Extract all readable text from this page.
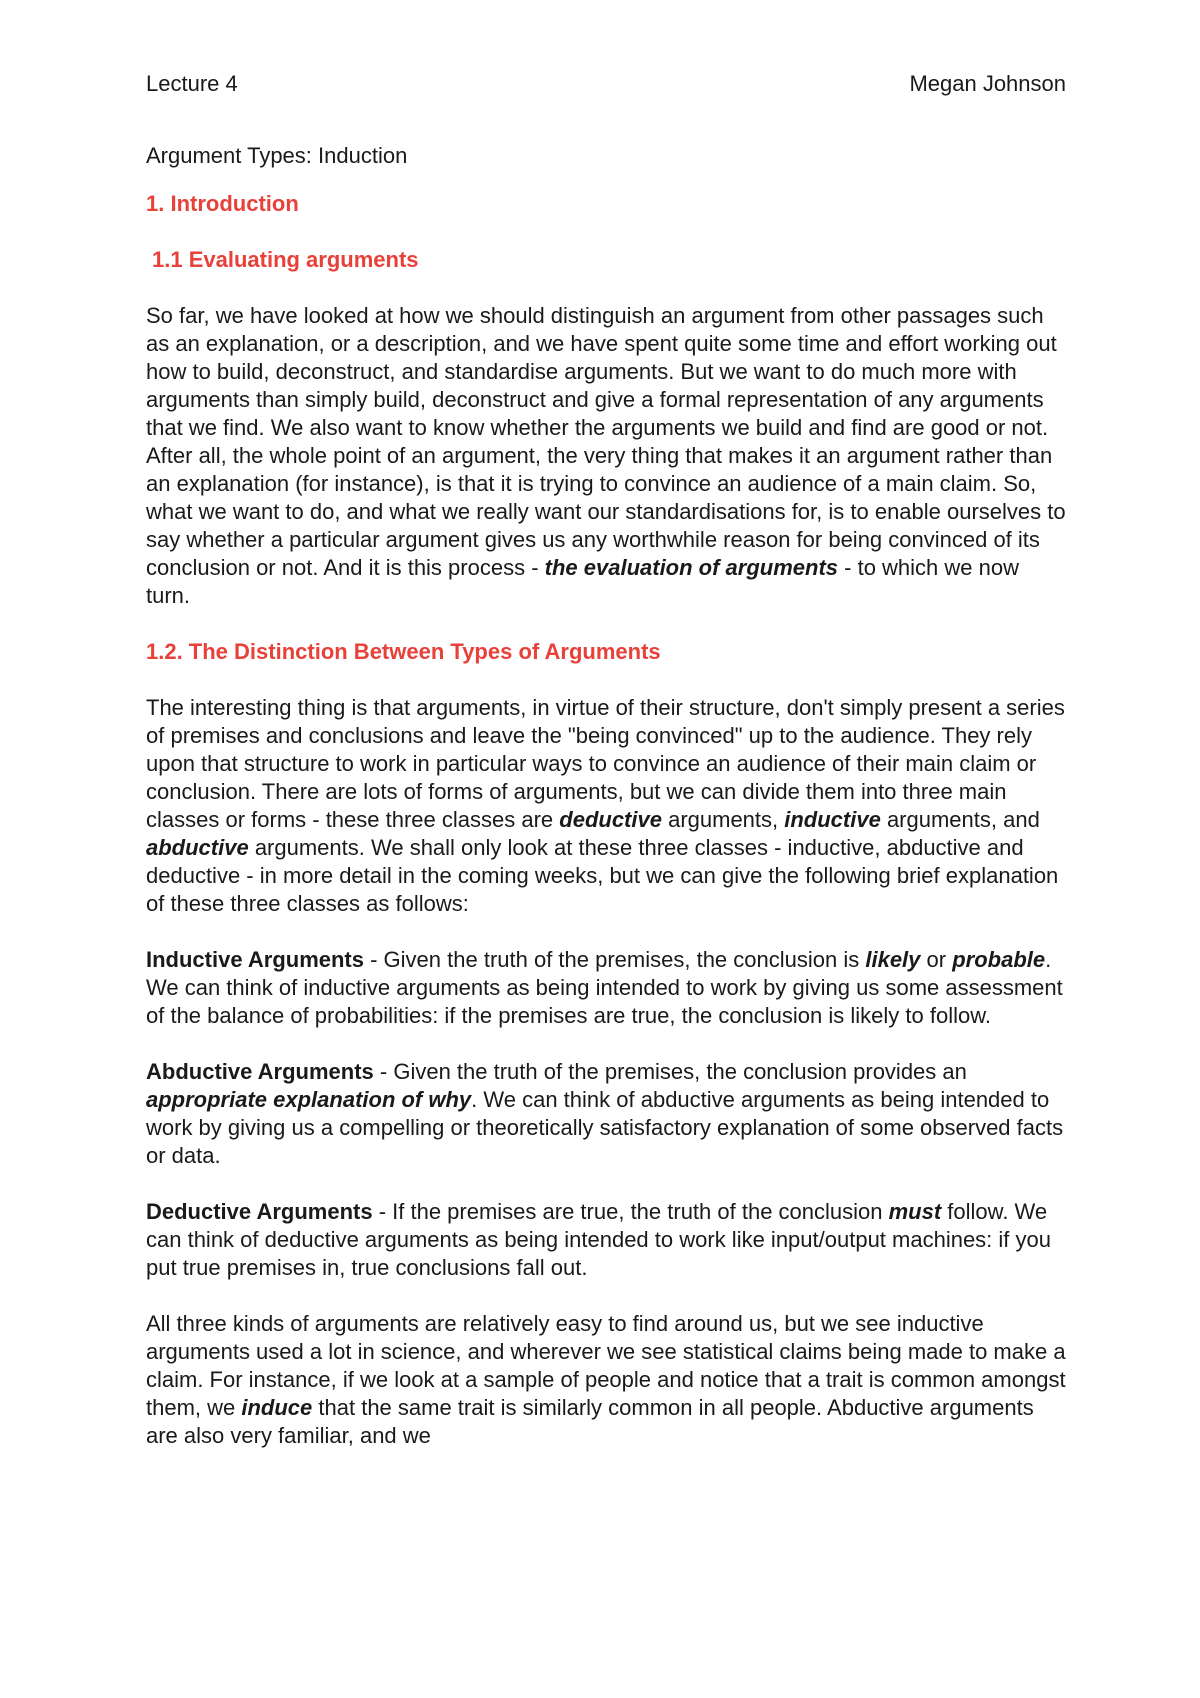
Lecture 4	Megan Johnson
Argument Types: Induction
1. Introduction
1.1 Evaluating arguments

So far, we have looked at how we should distinguish an argument from other passages such as an explanation, or a description, and we have spent quite some time and effort working out how to build, deconstruct, and standardise arguments. But we want to do much more with arguments than simply build, deconstruct and give a formal representation of any arguments that we find. We also want to know whether the arguments we build and find are good or not. After all, the whole point of an argument, the very thing that makes it an argument rather than an explanation (for instance), is that it is trying to convince an audience of a main claim. So, what we want to do, and what we really want our standardisations for, is to enable ourselves to say whether a particular argument gives us any worthwhile reason for being convinced of its conclusion or not. And it is this process - the evaluation of arguments - to which we now turn.

1.2. The Distinction Between Types of Arguments

The interesting thing is that arguments, in virtue of their structure, don't simply present a series of premises and conclusions and leave the "being convinced" up to the audience. They rely upon that structure to work in particular ways to convince an audience of their main claim or conclusion. There are lots of forms of arguments, but we can divide them into three main classes or forms - these three classes are deductive arguments, inductive arguments, and abductive arguments. We shall only look at these three classes - inductive, abductive and deductive - in more detail in the coming weeks, but we can give the following brief explanation of these three classes as follows:

Inductive Arguments - Given the truth of the premises, the conclusion is likely or probable. We can think of inductive arguments as being intended to work by giving us some assessment of the balance of probabilities: if the premises are true, the conclusion is likely to follow.

Abductive Arguments - Given the truth of the premises, the conclusion provides an appropriate explanation of why. We can think of abductive arguments as being intended to work by giving us a compelling or theoretically satisfactory explanation of some observed facts or data.

Deductive Arguments - If the premises are true, the truth of the conclusion must follow. We can think of deductive arguments as being intended to work like input/output machines: if you put true premises in, true conclusions fall out.

All three kinds of arguments are relatively easy to find around us, but we see inductive arguments used a lot in science, and wherever we see statistical claims being made to make a claim. For instance, if we look at a sample of people and notice that a trait is common amongst them, we induce that the same trait is similarly common in all people. Abductive arguments are also very familiar, and we
